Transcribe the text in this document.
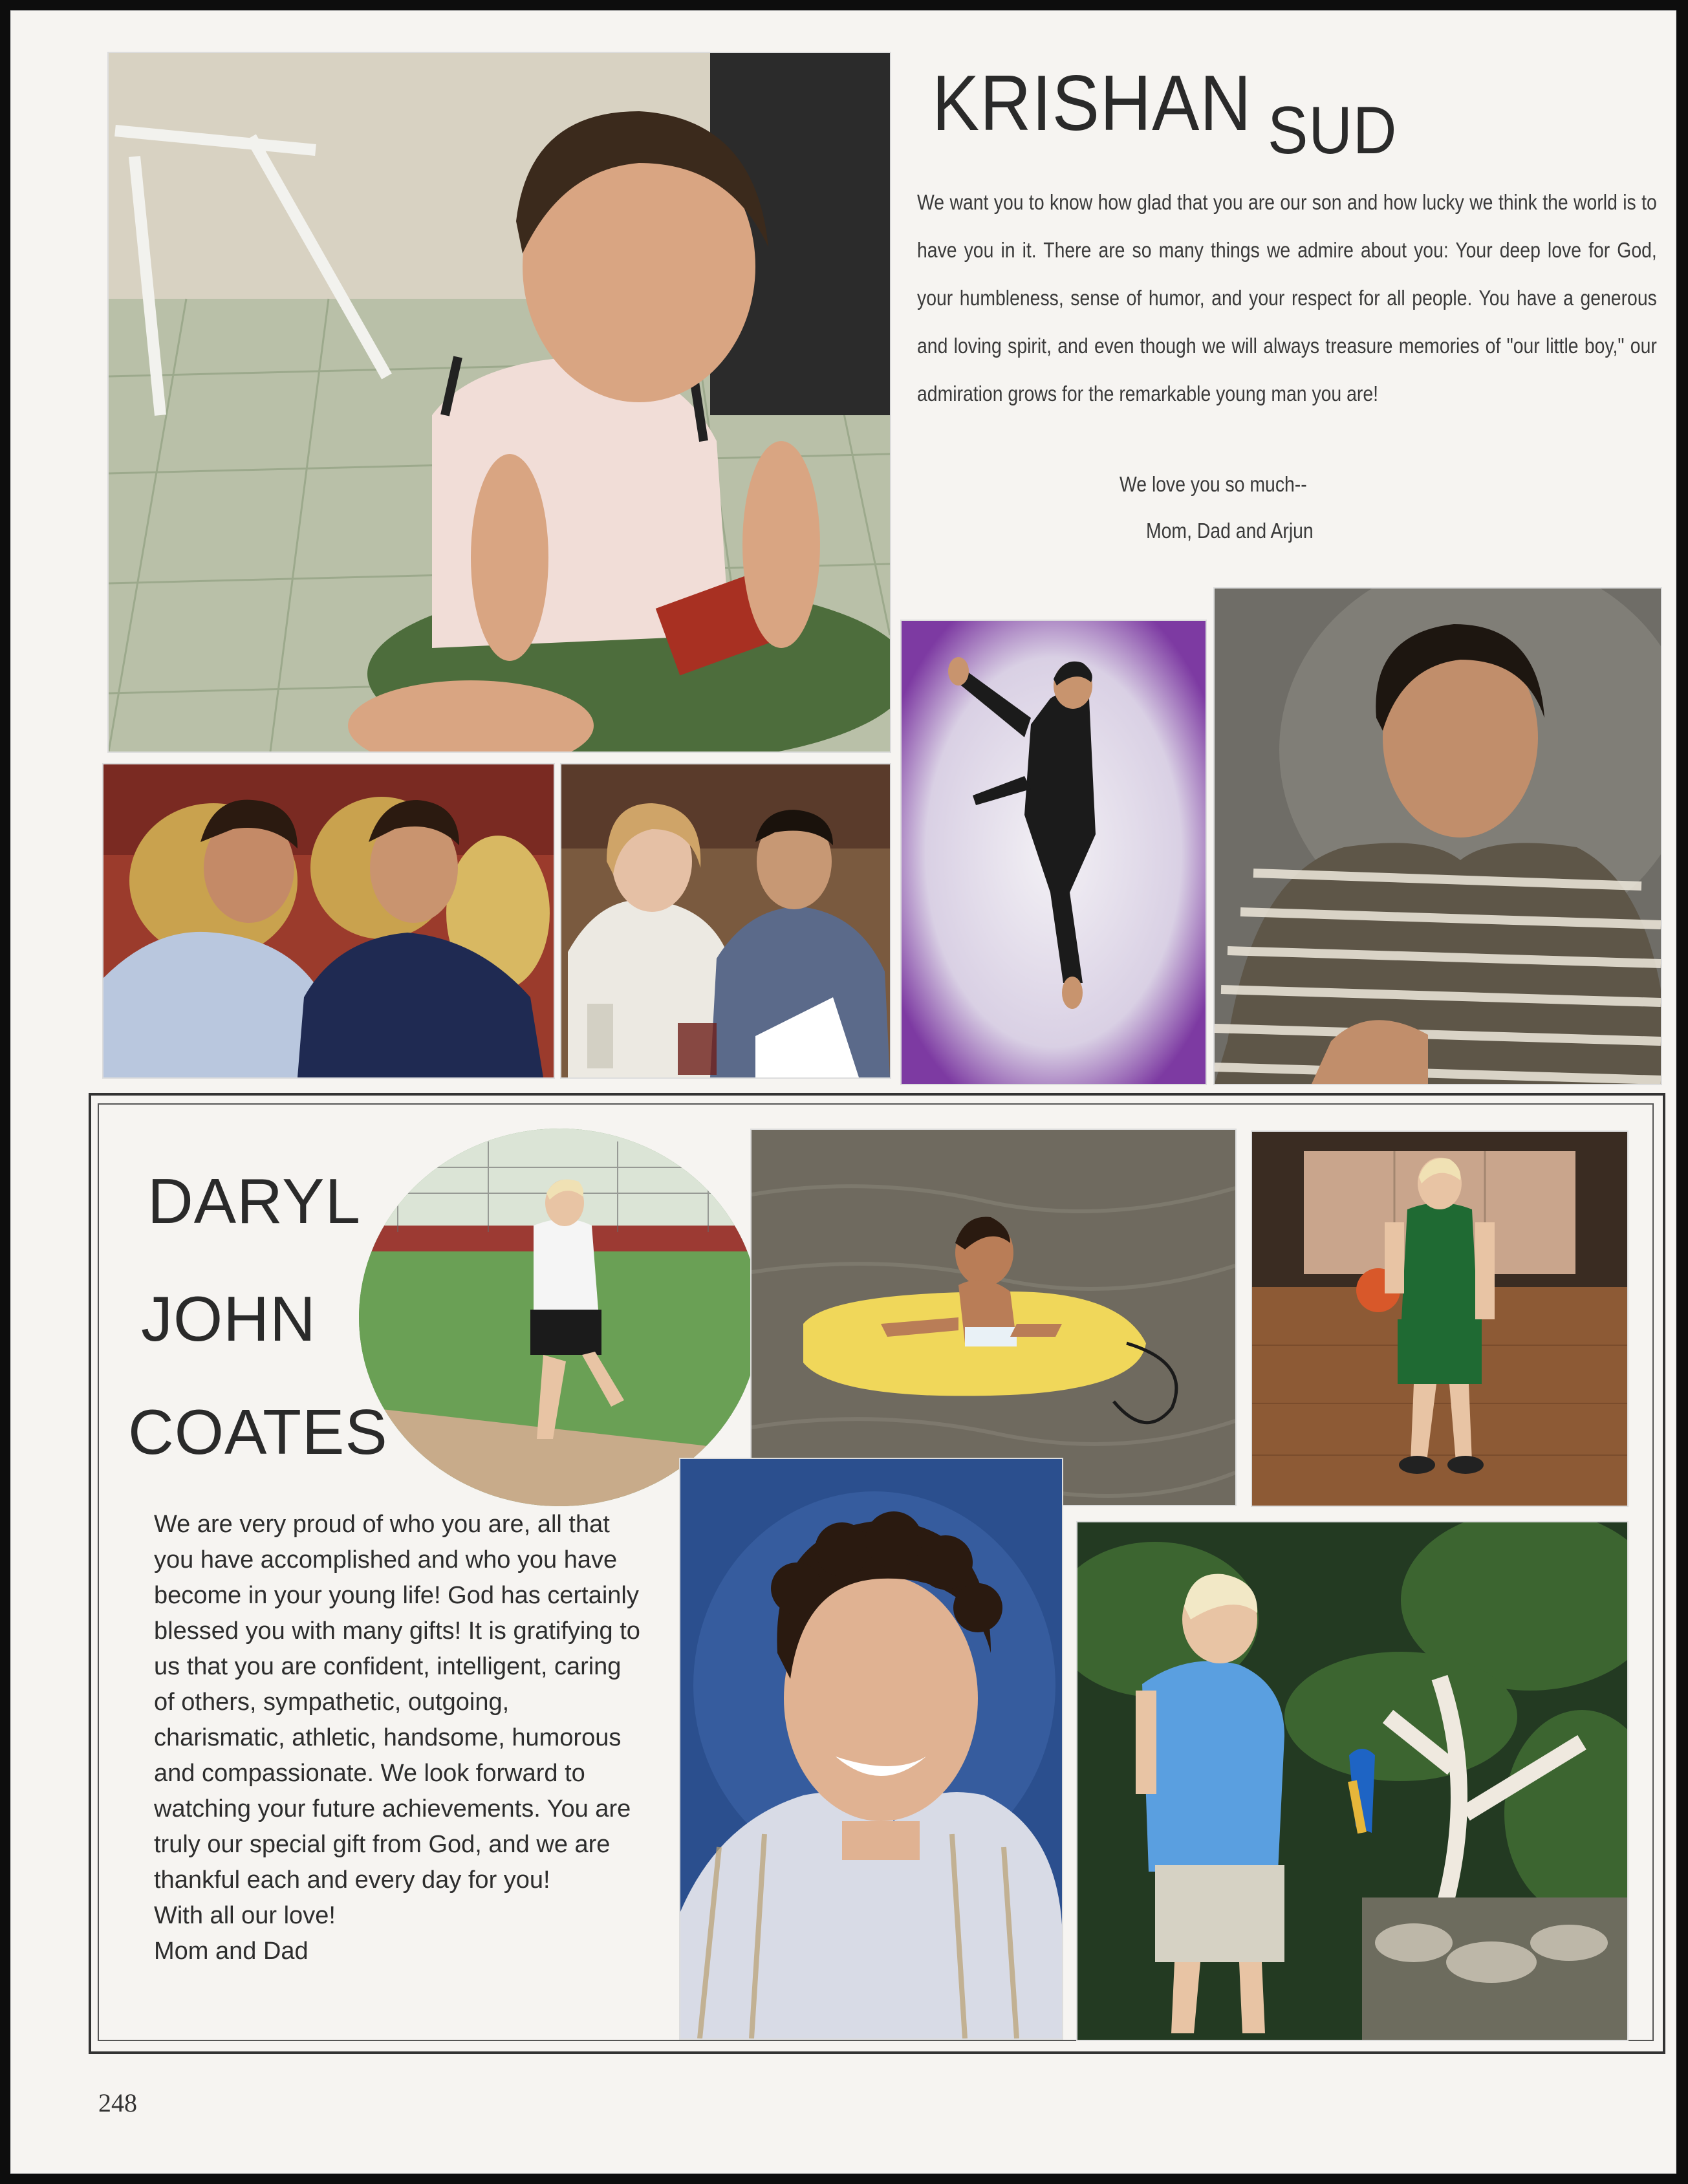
KRISHAN SUD

We want you to know how glad that you are our son and how lucky we think the world is to have you in it. There are so many things we admire about you: Your deep love for God, your humbleness, sense of humor, and your respect for all people. You have a generous and loving spirit, and even though we will always treasure memories of "our little boy," our admiration grows for the remarkable young man you are!

We love you so much--
Mom, Dad and Arjun
DARYL
JOHN
COATES
We are very proud of who you are, all that you have accomplished and who you have become in your young life! God has certainly blessed you with many gifts! It is gratifying to us that you are confident, intelligent, caring of others, sympathetic, outgoing, charismatic, athletic, handsome, humorous and compassionate. We look forward to watching your future achievements. You are truly our special gift from God, and we are thankful each and every day for you!
With all our love!
Mom and Dad
248
